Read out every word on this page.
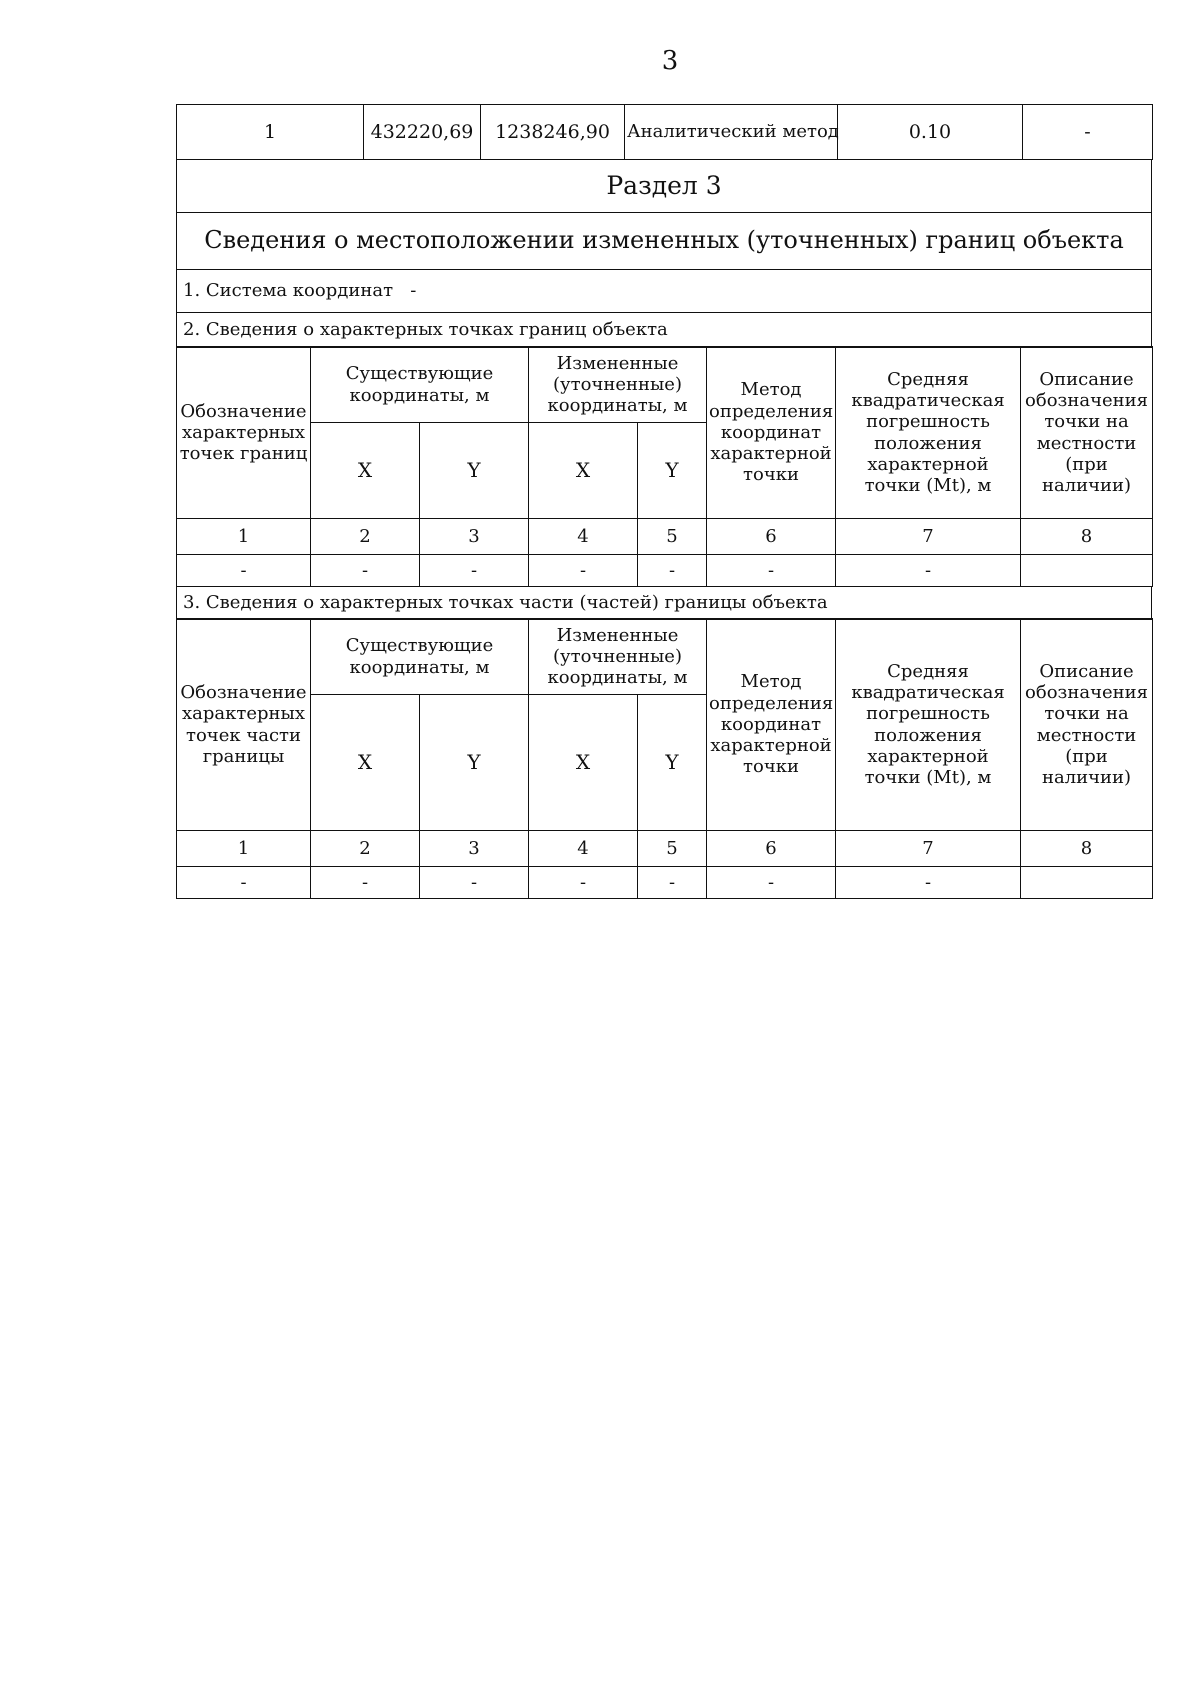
3
1	432220,69	1238246,90	Аналитический метод	0.10	-
Раздел 3
Сведения о местоположении измененных (уточненных) границ объекта
1. Система координат -
2. Сведения о характерных точках границ объекта
Обозначение характерных точек границ	Существующие координаты, м		Измененные (уточненные) координаты, м		Метод определения координат характерной точки	Средняя квадратическая погрешность положения характерной точки (Mt), м	Описание обозначения точки на местности (при наличии)
	X	Y	X	Y			
1	2	3	4	5	6	7	8
-	-	-	-	-	-	-	
3. Сведения о характерных точках части (частей) границы объекта
Обозначение характерных точек части границы	Существующие координаты, м		Измененные (уточненные) координаты, м		Метод определения координат характерной точки	Средняя квадратическая погрешность положения характерной точки (Mt), м	Описание обозначения точки на местности (при наличии)
	X	Y	X	Y			
1	2	3	4	5	6	7	8
-	-	-	-	-	-	-	
